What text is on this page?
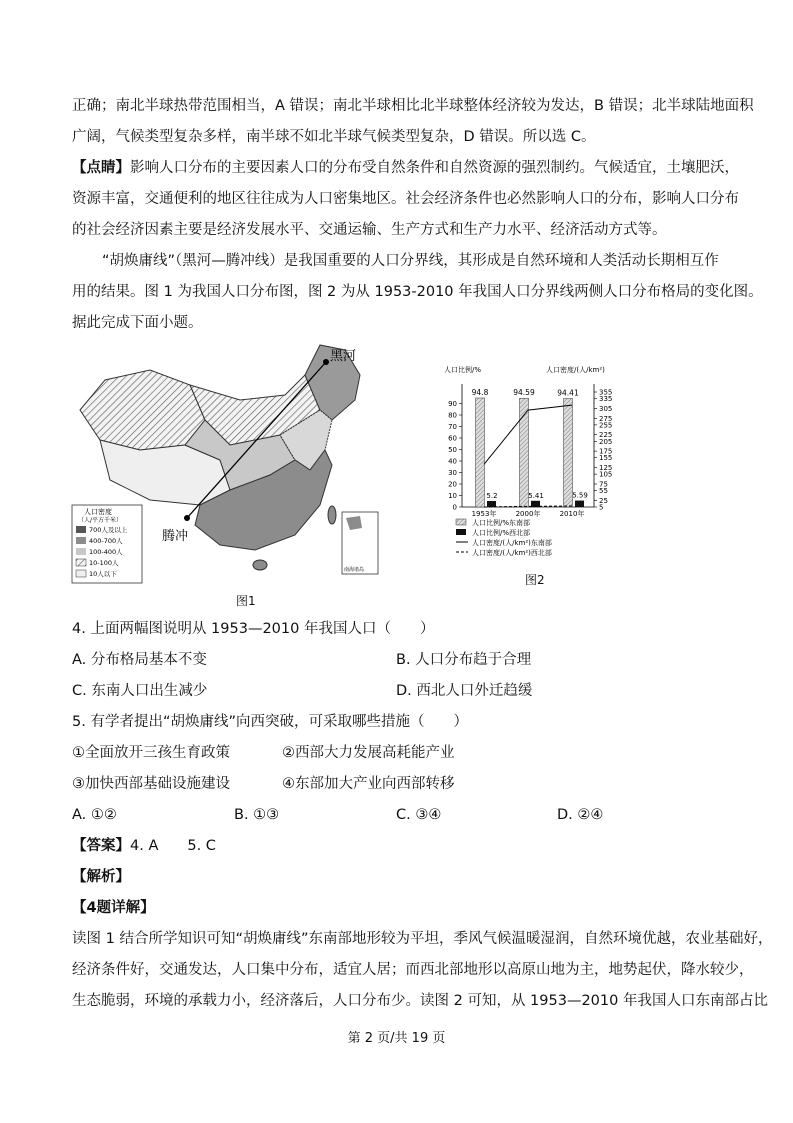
正确；南北半球热带范围相当，A 错误；南北半球相比北半球整体经济较为发达，B 错误；北半球陆地面积
广阔，气候类型复杂多样，南半球不如北半球气候类型复杂，D 错误。所以选 C。
【点睛】影响人口分布的主要因素人口的分布受自然条件和自然资源的强烈制约。气候适宜，土壤肥沃，
资源丰富，交通便利的地区往往成为人口密集地区。社会经济条件也必然影响人口的分布，影响人口分布
的社会经济因素主要是经济发展水平、交通运输、生产方式和生产力水平、经济活动方式等。
“胡焕庸线”（黑河—腾冲线）是我国重要的人口分界线，其形成是自然环境和人类活动长期相互作
用的结果。图 1 为我国人口分布图，图 2 为从 1953-2010 年我国人口分界线两侧人口分布格局的变化图。
据此完成下面小题。
黑河
腾冲
人口密度
（人/平方千米）
700人及以上
400-700人
100-400人
10-100人
10人以下	南海诸岛
图1
人口比例/%	人口密度/(人/km²)
90
80
70
60
50
40
30
20
10
0
355
335
305
275
255
225
205
175
155
125
105
75
55
25
5
94.8
5.2
1953年
94.59
5.41
2000年
94.41
5.59
2010年
人口比例/%东南部
人口比例/%西北部
人口密度/(人/km²)东南部
人口密度/(人/km²)西北部
图2
4. 上面两幅图说明从 1953—2010 年我国人口（　　）
A. 分布格局基本不变	B. 人口分布趋于合理
C. 东南人口出生减少	D. 西北人口外迁趋缓
5. 有学者提出“胡焕庸线”向西突破，可采取哪些措施（　　）
①全面放开三孩生育政策	②西部大力发展高耗能产业
③加快西部基础设施建设	④东部加大产业向西部转移
A. ①②	B. ①③	C. ③④	D. ②④
【答案】4. A　　5. C
【解析】
【4题详解】
读图 1 结合所学知识可知“胡焕庸线”东南部地形较为平坦，季风气候温暖湿润，自然环境优越，农业基础好，
经济条件好，交通发达，人口集中分布，适宜人居；而西北部地形以高原山地为主，地势起伏，降水较少，
生态脆弱，环境的承载力小，经济落后，人口分布少。读图 2 可知，从 1953—2010 年我国人口东南部占比
第 2 页/共 19 页
